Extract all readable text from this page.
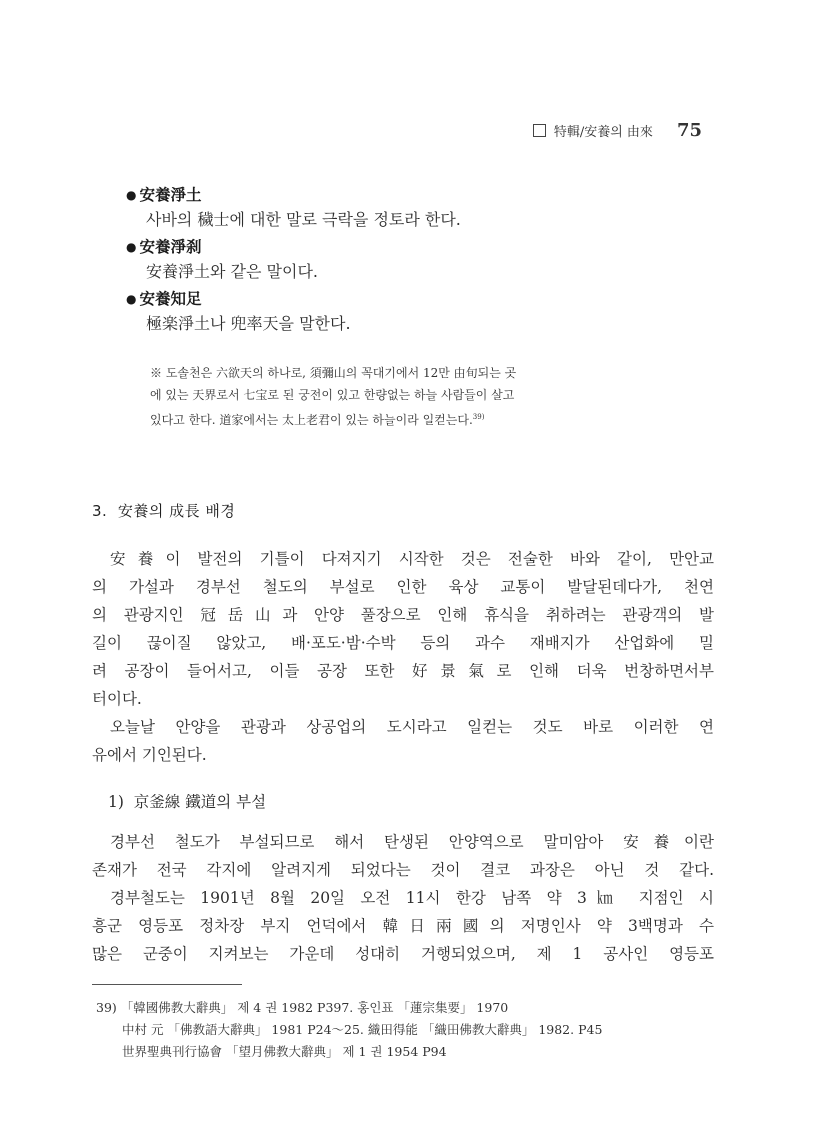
特輯/安養의 由來 75
● 安養淨土
사바의 穢士에 대한 말로 극락을 정토라 한다.
● 安養淨刹
安養淨土와 같은 말이다.
● 安養知足
極楽淨土나 兜率天을 말한다.
※ 도솔천은 六欲天의 하나로, 須彌山의 꼭대기에서 12만 由旬되는 곳
에 있는 天界로서 七宝로 된 궁전이 있고 한량없는 하늘 사람들이 살고
있다고 한다. 道家에서는 太上老君이 있는 하늘이라 일컫는다.$^{39)}$
3. 安養의 成長 배경
安養이 발전의 기틀이 다져지기 시작한 것은 전술한 바와 같이, 만안교
의 가설과 경부선 철도의 부설로 인한 육상 교통이 발달된데다가, 천연
의 관광지인 冠岳山과 안양 풀장으로 인해 휴식을 취하려는 관광객의 발
길이 끊이질 않았고, 배·포도·밤·수박 등의 과수 재배지가 산업화에 밀
려 공장이 들어서고, 이들 공장 또한 好景氣로 인해 더욱 번창하면서부
터이다.
오늘날 안양을 관광과 상공업의 도시라고 일컫는 것도 바로 이러한 연
유에서 기인된다.
1) 京釜線 鐵道의 부설
경부선 철도가 부설되므로 해서 탄생된 안양역으로 말미암아 安養이란
존재가 전국 각지에 알려지게 되었다는 것이 결코 과장은 아닌 것 같다.
경부철도는 1901년 8월 20일 오전 11시 한강 남쪽 약 3㎞ 지점인 시
흥군 영등포 정차장 부지 언덕에서 韓日兩國의 저명인사 약 3백명과 수
많은 군중이 지켜보는 가운데 성대히 거행되었으며, 제 1 공사인 영등포
39) 「韓國佛教大辭典」 제 4 권 1982 P397. 홍인표 「蓮宗集要」 1970
中村 元 「佛教語大辭典」 1981 P24～25. 織田得能 「織田佛教大辭典」 1982. P45
世界聖典刊行協會 「望月佛教大辭典」 제 1 권 1954 P94
